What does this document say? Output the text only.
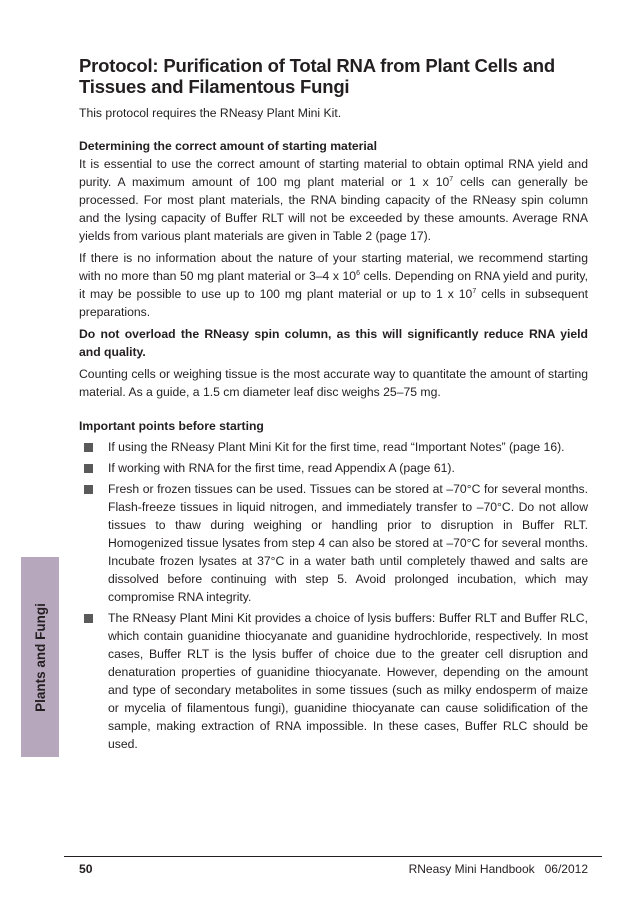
Plants and Fungi
Protocol: Purification of Total RNA from Plant Cells and Tissues and Filamentous Fungi

This protocol requires the RNeasy Plant Mini Kit.

Determining the correct amount of starting material

It is essential to use the correct amount of starting material to obtain optimal RNA yield and purity. A maximum amount of 100 mg plant material or 1 x $10^7$ cells can generally be processed. For most plant materials, the RNA binding capacity of the RNeasy spin column and the lysing capacity of Buffer RLT will not be exceeded by these amounts. Average RNA yields from various plant materials are given in Table 2 (page 17).

If there is no information about the nature of your starting material, we recommend starting with no more than 50 mg plant material or 3–4 x $10^6$ cells. Depending on RNA yield and purity, it may be possible to use up to 100 mg plant material or up to 1 x $10^7$ cells in subsequent preparations.

Do not overload the RNeasy spin column, as this will significantly reduce RNA yield and quality.

Counting cells or weighing tissue is the most accurate way to quantitate the amount of starting material. As a guide, a 1.5 cm diameter leaf disc weighs 25–75 mg.

Important points before starting
If using the RNeasy Plant Mini Kit for the first time, read “Important Notes” (page 16).
If working with RNA for the first time, read Appendix A (page 61).
Fresh or frozen tissues can be used. Tissues can be stored at –70°C for several months. Flash-freeze tissues in liquid nitrogen, and immediately transfer to –70°C. Do not allow tissues to thaw during weighing or handling prior to disruption in Buffer RLT. Homogenized tissue lysates from step 4 can also be stored at –70°C for several months. Incubate frozen lysates at 37°C in a water bath until completely thawed and salts are dissolved before continuing with step 5. Avoid prolonged incubation, which may compromise RNA integrity.
The RNeasy Plant Mini Kit provides a choice of lysis buffers: Buffer RLT and Buffer RLC, which contain guanidine thiocyanate and guanidine hydrochloride, respectively. In most cases, Buffer RLT is the lysis buffer of choice due to the greater cell disruption and denaturation properties of guanidine thiocyanate. However, depending on the amount and type of secondary metabolites in some tissues (such as milky endosperm of maize or mycelia of filamentous fungi), guanidine thiocyanate can cause solidification of the sample, making extraction of RNA impossible. In these cases, Buffer RLC should be used.
50	RNeasy Mini Handbook   06/2012
